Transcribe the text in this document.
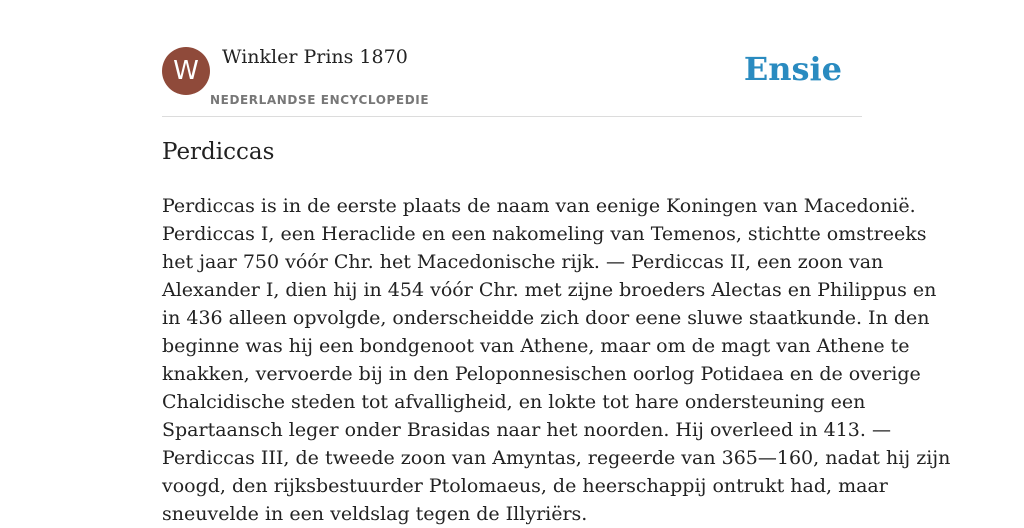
W	Winkler Prins 1870
NEDERLANDSE ENCYCLOPEDIE
Ensie
Perdiccas
Perdiccas is in de eerste plaats de naam van eenige Koningen van Macedonië.
Perdiccas I, een Heraclide en een nakomeling van Temenos, stichtte omstreeks
het jaar 750 vóór Chr. het Macedonische rijk. — Perdiccas II, een zoon van
Alexander I, dien hij in 454 vóór Chr. met zijne broeders Alectas en Philippus en
in 436 alleen opvolgde, onderscheidde zich door eene sluwe staatkunde. In den
beginne was hij een bondgenoot van Athene, maar om de magt van Athene te
knakken, vervoerde bij in den Peloponnesischen oorlog Potidaea en de overige
Chalcidische steden tot afvalligheid, en lokte tot hare ondersteuning een
Spartaansch leger onder Brasidas naar het noorden. Hij overleed in 413. —
Perdiccas III, de tweede zoon van Amyntas, regeerde van 365—160, nadat hij zijn
voogd, den rijksbestuurder Ptolomaeus, de heerschappij ontrukt had, maar
sneuvelde in een veldslag tegen de Illyriërs.
